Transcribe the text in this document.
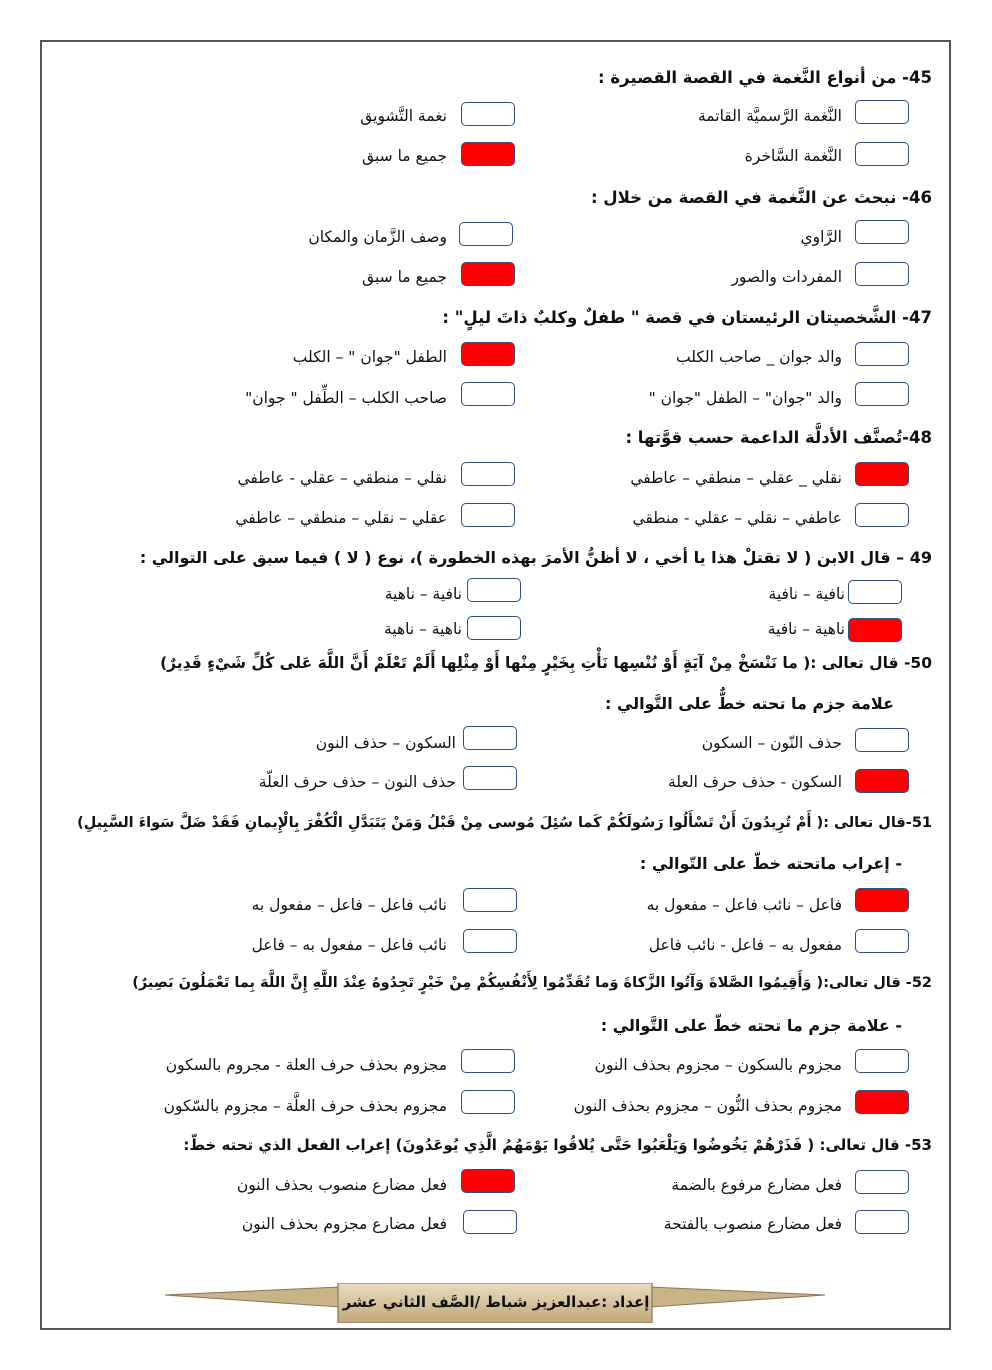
45- من أنواع النَّغمة في القصة القصيرة :
النَّغمة الرَّسميَّة القاتمة
نغمة التَّشويق
النَّغمة السَّاخرة
جميع ما سبق
46- نبحث عن النَّغمة في القصة من خلال :
الرَّاوي
وصف الزَّمان والمكان
المفردات والصور
جميع ما سبق
47- الشَّخصيتان الرئيستان في قصة " طفلٌ وكلبٌ ذاتَ ليلٍ" :
والد جوان _ صاحب الكلب
الطفل "جوان " – الكلب
والد "جوان" – الطفل "جوان "
صاحب الكلب – الطِّفل " جوان"
48-تُصنَّف الأدلَّة الداعمة حسب قوَّتها :
نقلي _ عقلي – منطقي – عاطفي
نقلي – منطقي – عقلي - عاطفي
عاطفي – نقلي – عقلي - منطقي
عقلي – نقلي – منطقي – عاطفي
49 – قال الابن ( لا تقتلْ هذا يا أخي ، لا أظنُّ الأمرَ بهذه الخطورة )، نوع ( لا ) فيما سبق على التوالي :
نافية – نافية
نافية – ناهية
ناهية – نافية
ناهية – ناهية
50- قال تعالى :( ما نَنْسَخْ مِنْ آيَةٍ أَوْ نُنْسِها نَأْتِ بِخَيْرٍ مِنْها أَوْ مِثْلِها أَلَمْ تَعْلَمْ أَنَّ اللَّهَ عَلى كُلِّ شَيْءٍ قَدِيرٌ)
علامة جزم ما تحته خطٌّ على التَّوالي :
حذف النّون – السكون
السكون – حذف النون
السكون - حذف حرف العلة
حذف النون – حذف حرف العلّة
51-قال تعالى :( أَمْ تُرِيدُونَ أَنْ تَسْأَلُوا رَسُولَكُمْ كَما سُئِلَ مُوسى مِنْ قَبْلُ وَمَنْ يَتَبَدَّلِ الْكُفْرَ بِالْإِيمانِ فَقَدْ ضَلَّ سَواءَ السَّبِيلِ)
- إعراب ماتحته خطّ على التّوالي :
فاعل – نائب فاعل – مفعول به
نائب فاعل – فاعل – مفعول به
مفعول به – فاعل - نائب فاعل
نائب فاعل – مفعول به – فاعل
52- قال تعالى:( وَأَقِيمُوا الصَّلاةَ وَآتُوا الزَّكاةَ وَما تُقَدِّمُوا لِأَنْفُسِكُمْ مِنْ خَيْرٍ تَجِدُوهُ عِنْدَ اللَّهِ إِنَّ اللَّهَ بِما تَعْمَلُونَ بَصِيرٌ)
- علامة جزم ما تحته خطّ على التَّوالي :
مجزوم بالسكون – مجزوم بحذف النون
مجزوم بحذف حرف العلة - مجروم بالسكون
مجزوم بحذف النُّون – مجزوم بحذف النون
مجزوم بحذف حرف العلَّة – مجزوم بالسّكون
53- قال تعالى: ( فَذَرْهُمْ يَخُوضُوا وَيَلْعَبُوا حَتَّى يُلاقُوا يَوْمَهُمُ الَّذِي يُوعَدُونَ) إعراب الفعل الذي تحته خطّ:
فعل مضارع مرفوع بالضمة
فعل مضارع منصوب بحذف النون
فعل مضارع منصوب بالفتحة
فعل مضارع مجزوم بحذف النون
إعداد :عبدالعزيز شباط /الصَّف الثاني عشر
